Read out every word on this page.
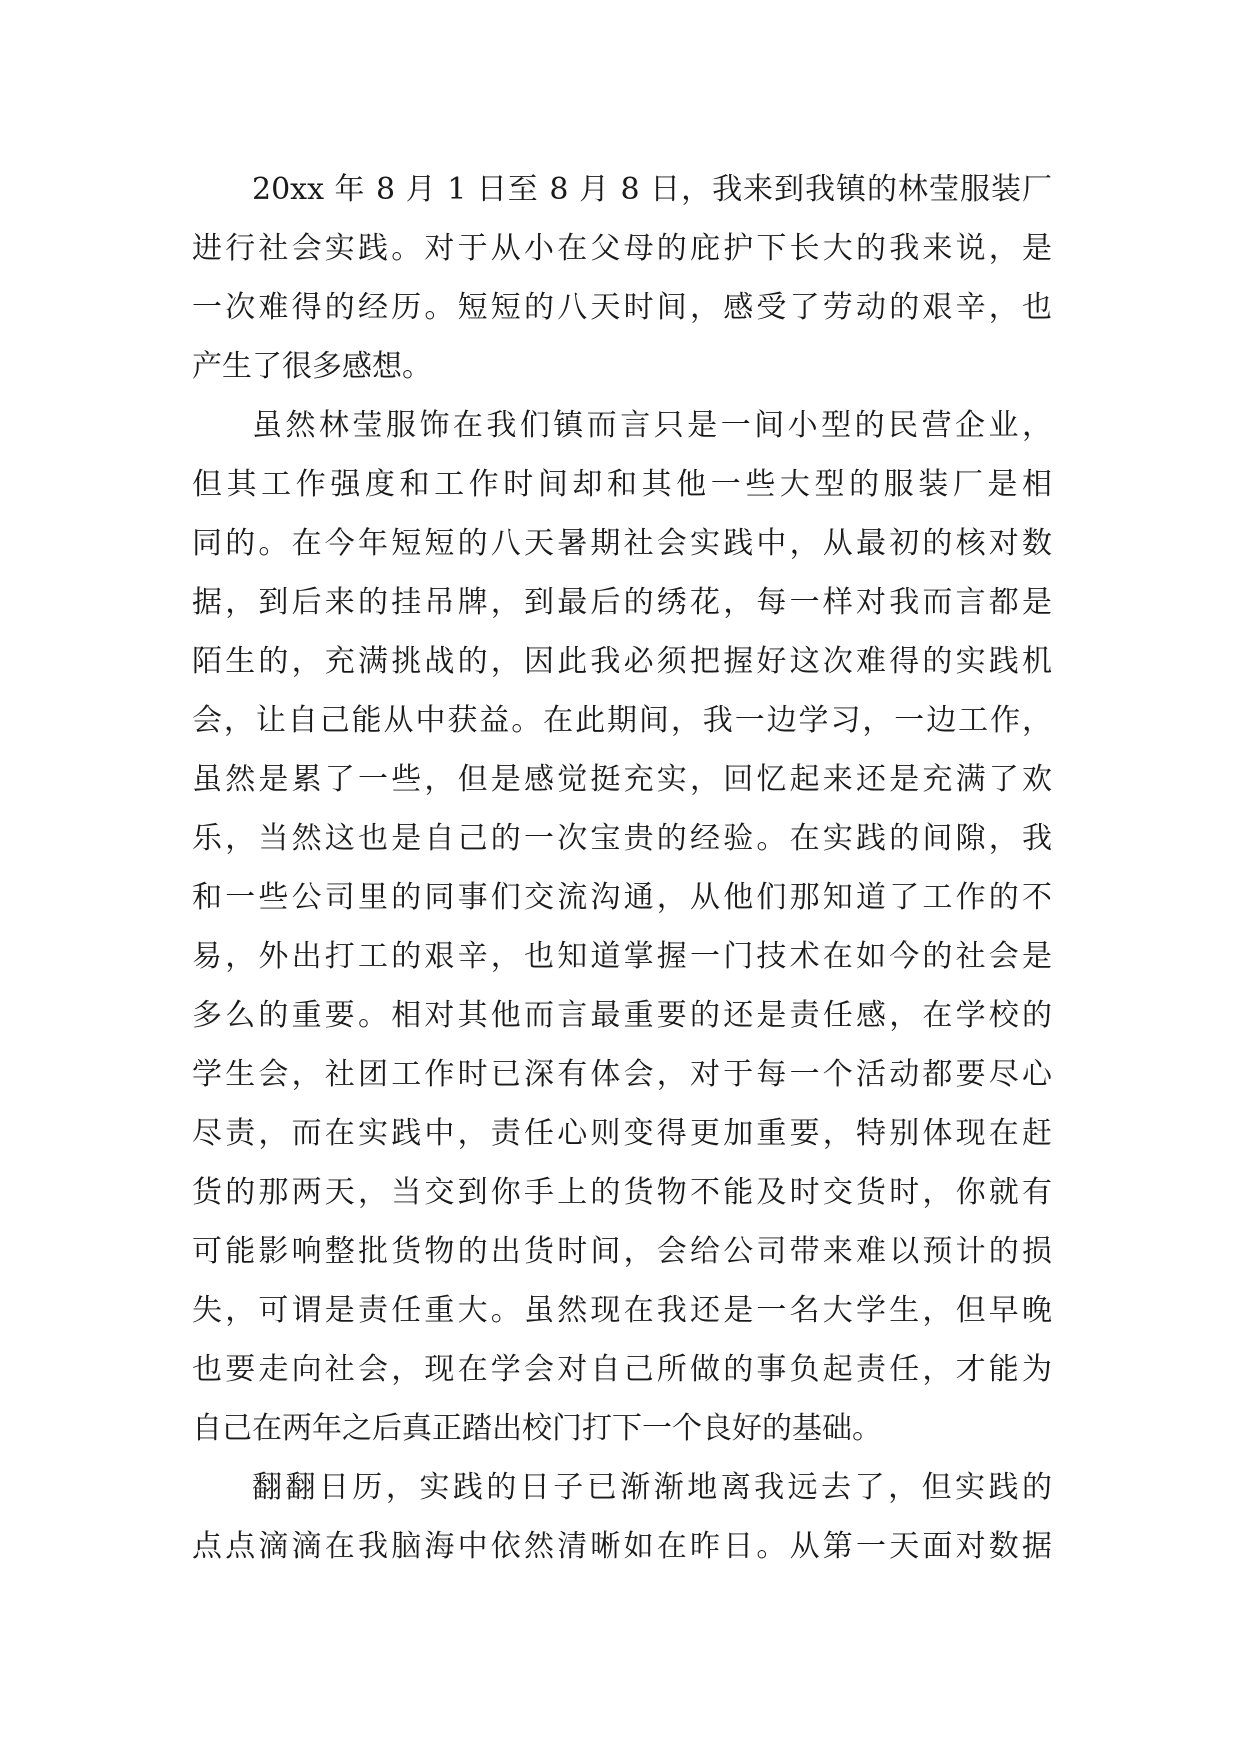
20xx 年 8 月 1 日至 8 月 8 日，我来到我镇的林莹服装厂
进行社会实践。对于从小在父母的庇护下长大的我来说，是
一次难得的经历。短短的八天时间，感受了劳动的艰辛，也
产生了很多感想。
虽然林莹服饰在我们镇而言只是一间小型的民营企业，
但其工作强度和工作时间却和其他一些大型的服装厂是相
同的。在今年短短的八天暑期社会实践中，从最初的核对数
据，到后来的挂吊牌，到最后的绣花，每一样对我而言都是
陌生的，充满挑战的，因此我必须把握好这次难得的实践机
会，让自己能从中获益。在此期间，我一边学习，一边工作，
虽然是累了一些，但是感觉挺充实，回忆起来还是充满了欢
乐，当然这也是自己的一次宝贵的经验。在实践的间隙，我
和一些公司里的同事们交流沟通，从他们那知道了工作的不
易，外出打工的艰辛，也知道掌握一门技术在如今的社会是
多么的重要。相对其他而言最重要的还是责任感，在学校的
学生会，社团工作时已深有体会，对于每一个活动都要尽心
尽责，而在实践中，责任心则变得更加重要，特别体现在赶
货的那两天，当交到你手上的货物不能及时交货时，你就有
可能影响整批货物的出货时间，会给公司带来难以预计的损
失，可谓是责任重大。虽然现在我还是一名大学生，但早晚
也要走向社会，现在学会对自己所做的事负起责任，才能为
自己在两年之后真正踏出校门打下一个良好的基础。
翻翻日历，实践的日子已渐渐地离我远去了，但实践的
点点滴滴在我脑海中依然清晰如在昨日。从第一天面对数据
